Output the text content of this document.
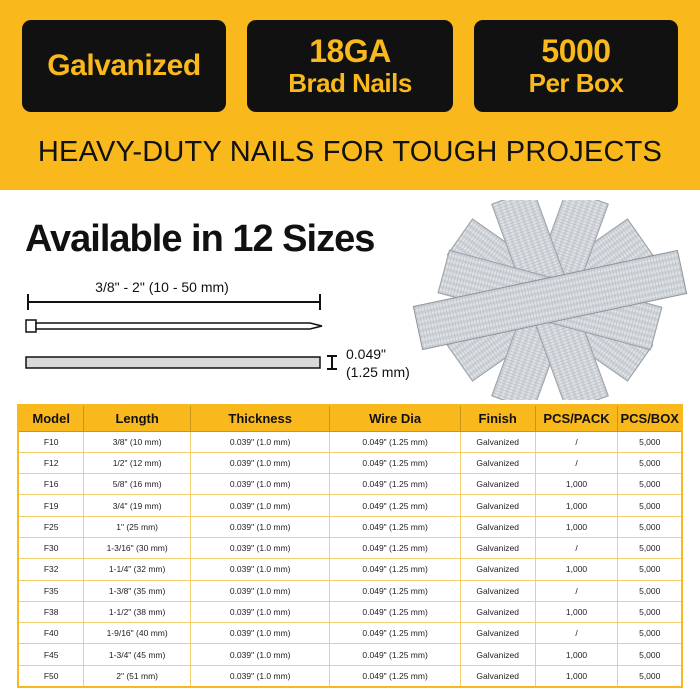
Galvanized	18GA
Brad Nails
5000
Per Box
HEAVY-DUTY NAILS FOR TOUGH PROJECTS
Available in 12 Sizes
3/8" - 2" (10 - 50 mm)
0.049"
(1.25 mm)
Model	Length	Thickness	Wire Dia	Finish	PCS/PACK	PCS/BOX
F10	3/8" (10 mm)	0.039" (1.0 mm)	0.049" (1.25 mm)	Galvanized	/	5,000
F12	1/2" (12 mm)	0.039" (1.0 mm)	0.049" (1.25 mm)	Galvanized	/	5,000
F16	5/8" (16 mm)	0.039" (1.0 mm)	0.049" (1.25 mm)	Galvanized	1,000	5,000
F19	3/4" (19 mm)	0.039" (1.0 mm)	0.049" (1.25 mm)	Galvanized	1,000	5,000
F25	1" (25 mm)	0.039" (1.0 mm)	0.049" (1.25 mm)	Galvanized	1,000	5,000
F30	1-3/16" (30 mm)	0.039" (1.0 mm)	0.049" (1.25 mm)	Galvanized	/	5,000
F32	1-1/4" (32 mm)	0.039" (1.0 mm)	0.049" (1.25 mm)	Galvanized	1,000	5,000
F35	1-3/8" (35 mm)	0.039" (1.0 mm)	0.049" (1.25 mm)	Galvanized	/	5,000
F38	1-1/2" (38 mm)	0.039" (1.0 mm)	0.049" (1.25 mm)	Galvanized	1,000	5,000
F40	1-9/16" (40 mm)	0.039" (1.0 mm)	0.049" (1.25 mm)	Galvanized	/	5,000
F45	1-3/4" (45 mm)	0.039" (1.0 mm)	0.049" (1.25 mm)	Galvanized	1,000	5,000
F50	2" (51 mm)	0.039" (1.0 mm)	0.049" (1.25 mm)	Galvanized	1,000	5,000
